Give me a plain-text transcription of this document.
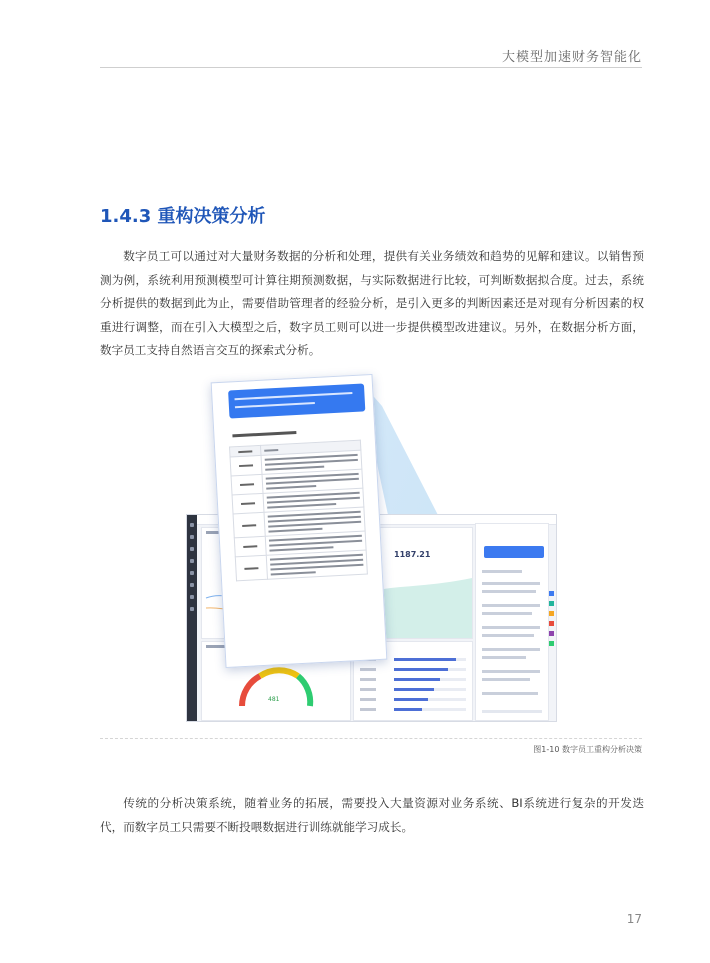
大模型加速财务智能化
1.4.3 重构决策分析

数字员工可以通过对大量财务数据的分析和处理，提供有关业务绩效和趋势的见解和建议。以销售预测为例，系统利用预测模型可计算往期预测数据，与实际数据进行比较，可判断数据拟合度。过去，系统分析提供的数据到此为止，需要借助管理者的经验分析，是引入更多的判断因素还是对现有分析因素的权重进行调整，而在引入大模型之后，数字员工则可以进一步提供模型改进建议。另外，在数据分析方面，数字员工支持自然语言交互的探索式分析。

1187.21
481

图1-10 数字员工重构分析决策

传统的分析决策系统，随着业务的拓展，需要投入大量资源对业务系统、BI系统进行复杂的开发迭代，而数字员工只需要不断投喂数据进行训练就能学习成长。

17
